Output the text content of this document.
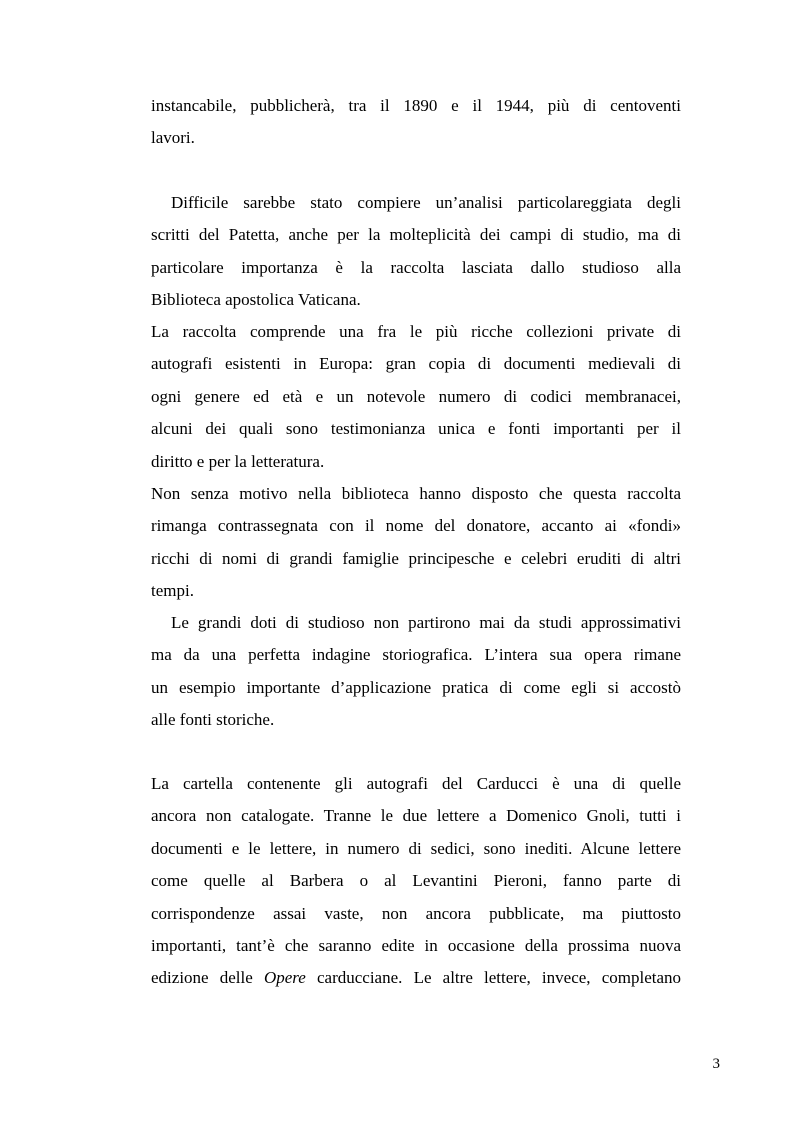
instancabile, pubblicherà, tra il 1890 e il 1944, più di centoventi
lavori.
Difficile sarebbe stato compiere un’analisi particolareggiata degli
scritti del Patetta, anche per la molteplicità dei campi di studio, ma di
particolare importanza è la raccolta lasciata dallo studioso alla
Biblioteca apostolica Vaticana.
La raccolta comprende una fra le più ricche collezioni private di
autografi esistenti in Europa: gran copia di documenti medievali di
ogni genere ed età e un notevole numero di codici membranacei,
alcuni dei quali sono testimonianza unica e fonti importanti per il
diritto e per la letteratura.
Non senza motivo nella biblioteca hanno disposto che questa raccolta
rimanga contrassegnata con il nome del donatore, accanto ai «fondi»
ricchi di nomi di grandi famiglie principesche e celebri eruditi di altri
tempi.
Le grandi doti di studioso non partirono mai da studi approssimativi
ma da una perfetta indagine storiografica. L’intera sua opera rimane
un esempio importante d’applicazione pratica di come egli si accostò
alle fonti storiche.
La cartella contenente gli autografi del Carducci è una di quelle
ancora non catalogate. Tranne le due lettere a Domenico Gnoli, tutti i
documenti e le lettere, in numero di sedici, sono inediti. Alcune lettere
come quelle al Barbera o al Levantini Pieroni, fanno parte di
corrispondenze assai vaste, non ancora pubblicate, ma piuttosto
importanti, tant’è che saranno edite in occasione della prossima nuova
edizione delle Opere carducciane. Le altre lettere, invece, completano
3
